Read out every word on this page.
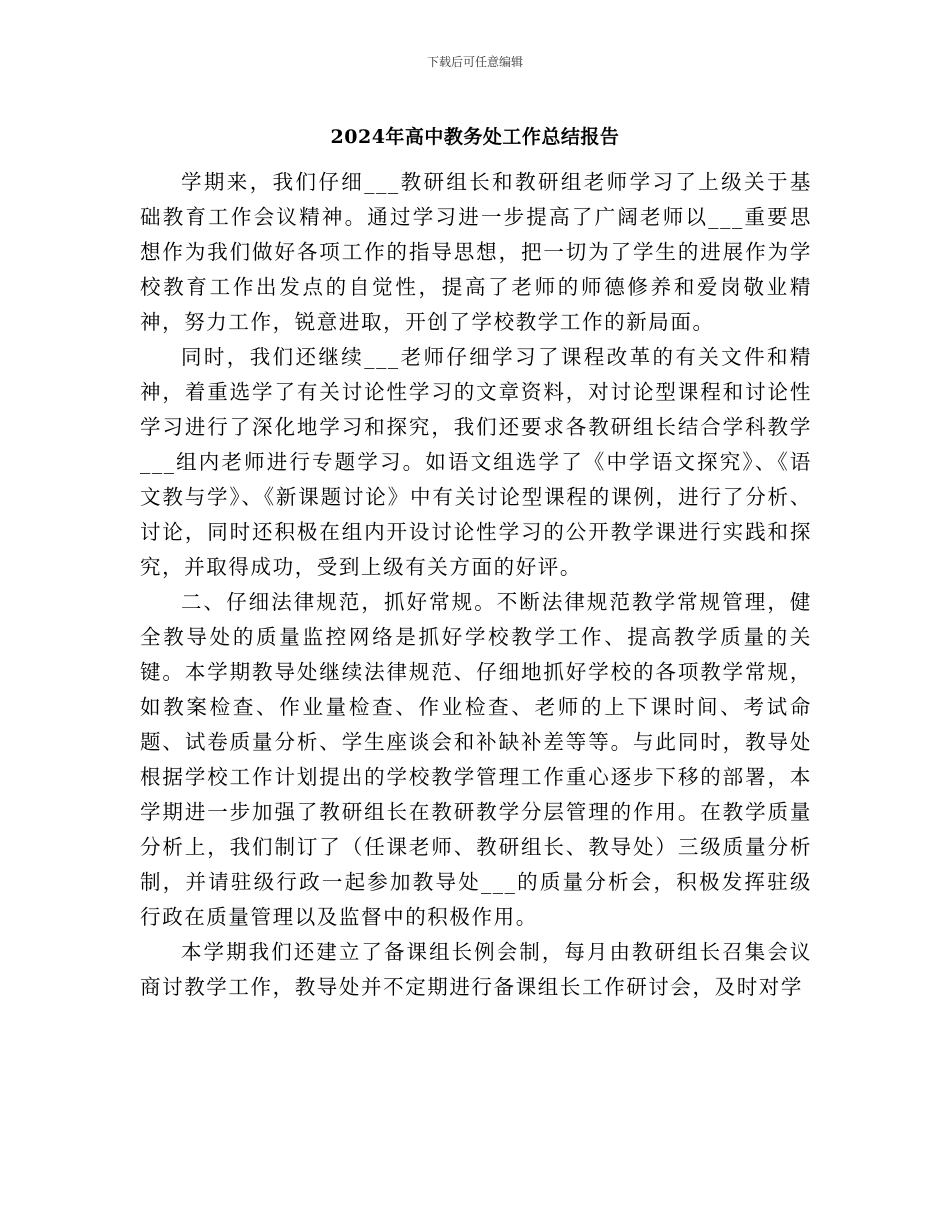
下载后可任意编辑
2024年高中教务处工作总结报告

学期来，我们仔细___教研组长和教研组老师学习了上级关于基础教育工作会议精神。通过学习进一步提高了广阔老师以___重要思想作为我们做好各项工作的指导思想，把一切为了学生的进展作为学校教育工作出发点的自觉性，提高了老师的师德修养和爱岗敬业精神，努力工作，锐意进取，开创了学校教学工作的新局面。

同时，我们还继续___老师仔细学习了课程改革的有关文件和精神，着重选学了有关讨论性学习的文章资料，对讨论型课程和讨论性学习进行了深化地学习和探究，我们还要求各教研组长结合学科教学___组内老师进行专题学习。如语文组选学了《中学语文探究》、《语文教与学》、《新课题讨论》中有关讨论型课程的课例，进行了分析、讨论，同时还积极在组内开设讨论性学习的公开教学课进行实践和探究，并取得成功，受到上级有关方面的好评。

二、仔细法律规范，抓好常规。不断法律规范教学常规管理，健全教导处的质量监控网络是抓好学校教学工作、提高教学质量的关键。本学期教导处继续法律规范、仔细地抓好学校的各项教学常规，如教案检查、作业量检查、作业检查、老师的上下课时间、考试命题、试卷质量分析、学生座谈会和补缺补差等等。与此同时，教导处根据学校工作计划提出的学校教学管理工作重心逐步下移的部署，本学期进一步加强了教研组长在教研教学分层管理的作用。在教学质量分析上，我们制订了（任课老师、教研组长、教导处）三级质量分析制，并请驻级行政一起参加教导处___的质量分析会，积极发挥驻级行政在质量管理以及监督中的积极作用。

本学期我们还建立了备课组长例会制，每月由教研组长召集会议商讨教学工作，教导处并不定期进行备课组长工作研讨会，及时对学
